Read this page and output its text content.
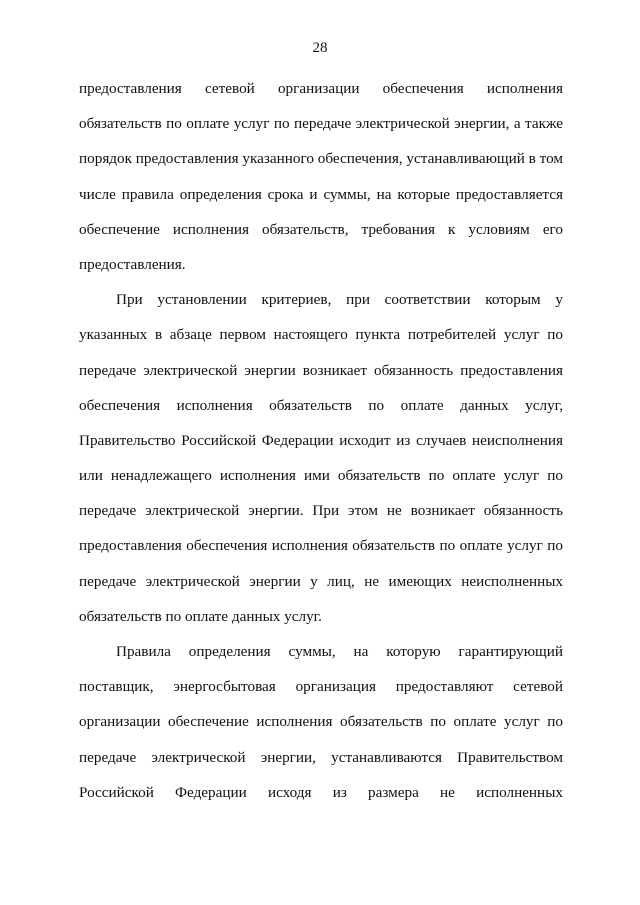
28
предоставления сетевой организации обеспечения исполнения
обязательств по оплате услуг по передаче электрической энергии, а также
порядок предоставления указанного обеспечения, устанавливающий в том
числе правила определения срока и суммы, на которые предоставляется
обеспечение исполнения обязательств, требования к условиям его
предоставления.
При установлении критериев, при соответствии которым у
указанных в абзаце первом настоящего пункта потребителей услуг по
передаче электрической энергии возникает обязанность предоставления
обеспечения исполнения обязательств по оплате данных услуг,
Правительство Российской Федерации исходит из случаев неисполнения
или ненадлежащего исполнения ими обязательств по оплате услуг по
передаче электрической энергии. При этом не возникает обязанность
предоставления обеспечения исполнения обязательств по оплате услуг по
передаче электрической энергии у лиц, не имеющих неисполненных
обязательств по оплате данных услуг.
Правила определения суммы, на которую гарантирующий
поставщик, энергосбытовая организация предоставляют сетевой
организации обеспечение исполнения обязательств по оплате услуг по
передаче электрической энергии, устанавливаются Правительством
Российской Федерации исходя из размера не исполненных
